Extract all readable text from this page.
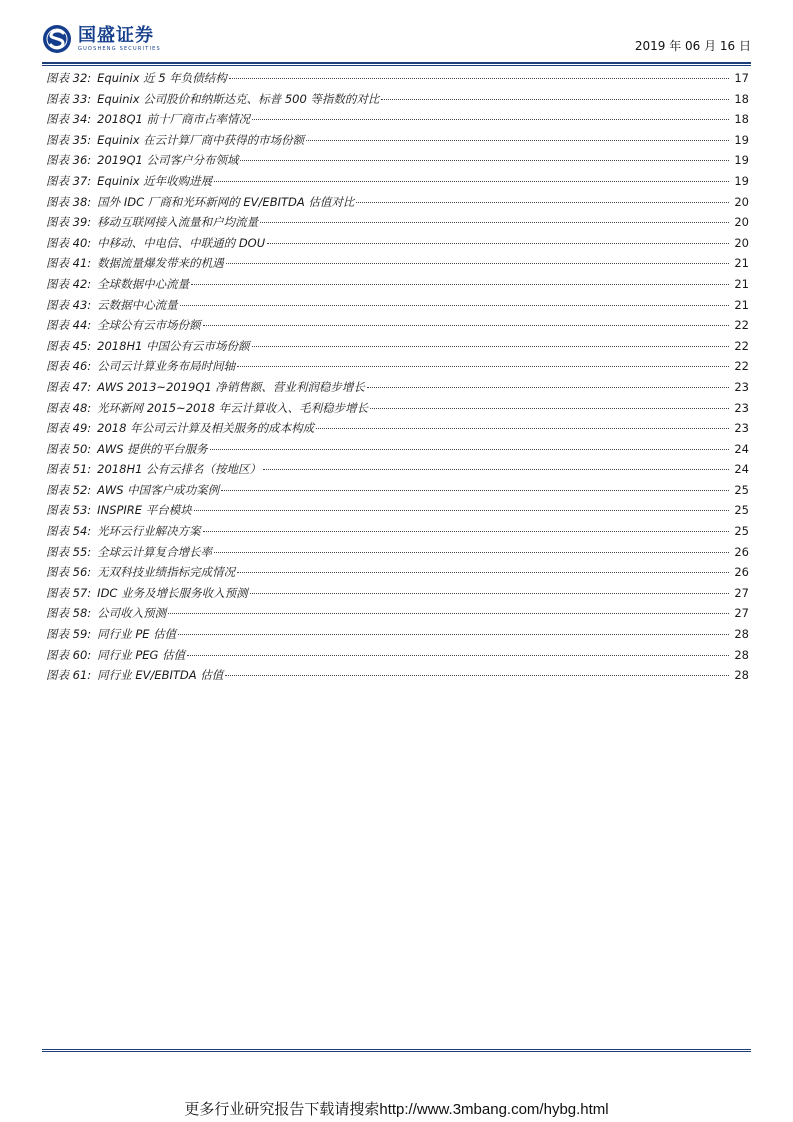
国盛证券
GUOSHENG SECURITIES	2019 年 06 月 16 日
图表 32: Equinix 近 5 年负债结构	17
图表 33: Equinix 公司股价和纳斯达克、标普 500 等指数的对比	18
图表 34: 2018Q1 前十厂商市占率情况	18
图表 35: Equinix 在云计算厂商中获得的市场份额	19
图表 36: 2019Q1 公司客户分布领域	19
图表 37: Equinix 近年收购进展	19
图表 38: 国外 IDC 厂商和光环新网的 EV/EBITDA 估值对比	20
图表 39: 移动互联网接入流量和户均流量	20
图表 40: 中移动、中电信、中联通的 DOU	20
图表 41: 数据流量爆发带来的机遇	21
图表 42: 全球数据中心流量	21
图表 43: 云数据中心流量	21
图表 44: 全球公有云市场份额	22
图表 45: 2018H1 中国公有云市场份额	22
图表 46: 公司云计算业务布局时间轴	22
图表 47: AWS 2013~2019Q1 净销售额、营业利润稳步增长	23
图表 48: 光环新网 2015~2018 年云计算收入、毛利稳步增长	23
图表 49: 2018 年公司云计算及相关服务的成本构成	23
图表 50: AWS 提供的平台服务	24
图表 51: 2018H1 公有云排名（按地区）	24
图表 52: AWS 中国客户成功案例	25
图表 53: INSPIRE 平台模块	25
图表 54: 光环云行业解决方案	25
图表 55: 全球云计算复合增长率	26
图表 56: 无双科技业绩指标完成情况	26
图表 57: IDC 业务及增长服务收入预测	27
图表 58: 公司收入预测	27
图表 59: 同行业 PE 估值	28
图表 60: 同行业 PEG 估值	28
图表 61: 同行业 EV/EBITDA 估值	28
更多行业研究报告下载请搜索http://www.3mbang.com/hybg.html
